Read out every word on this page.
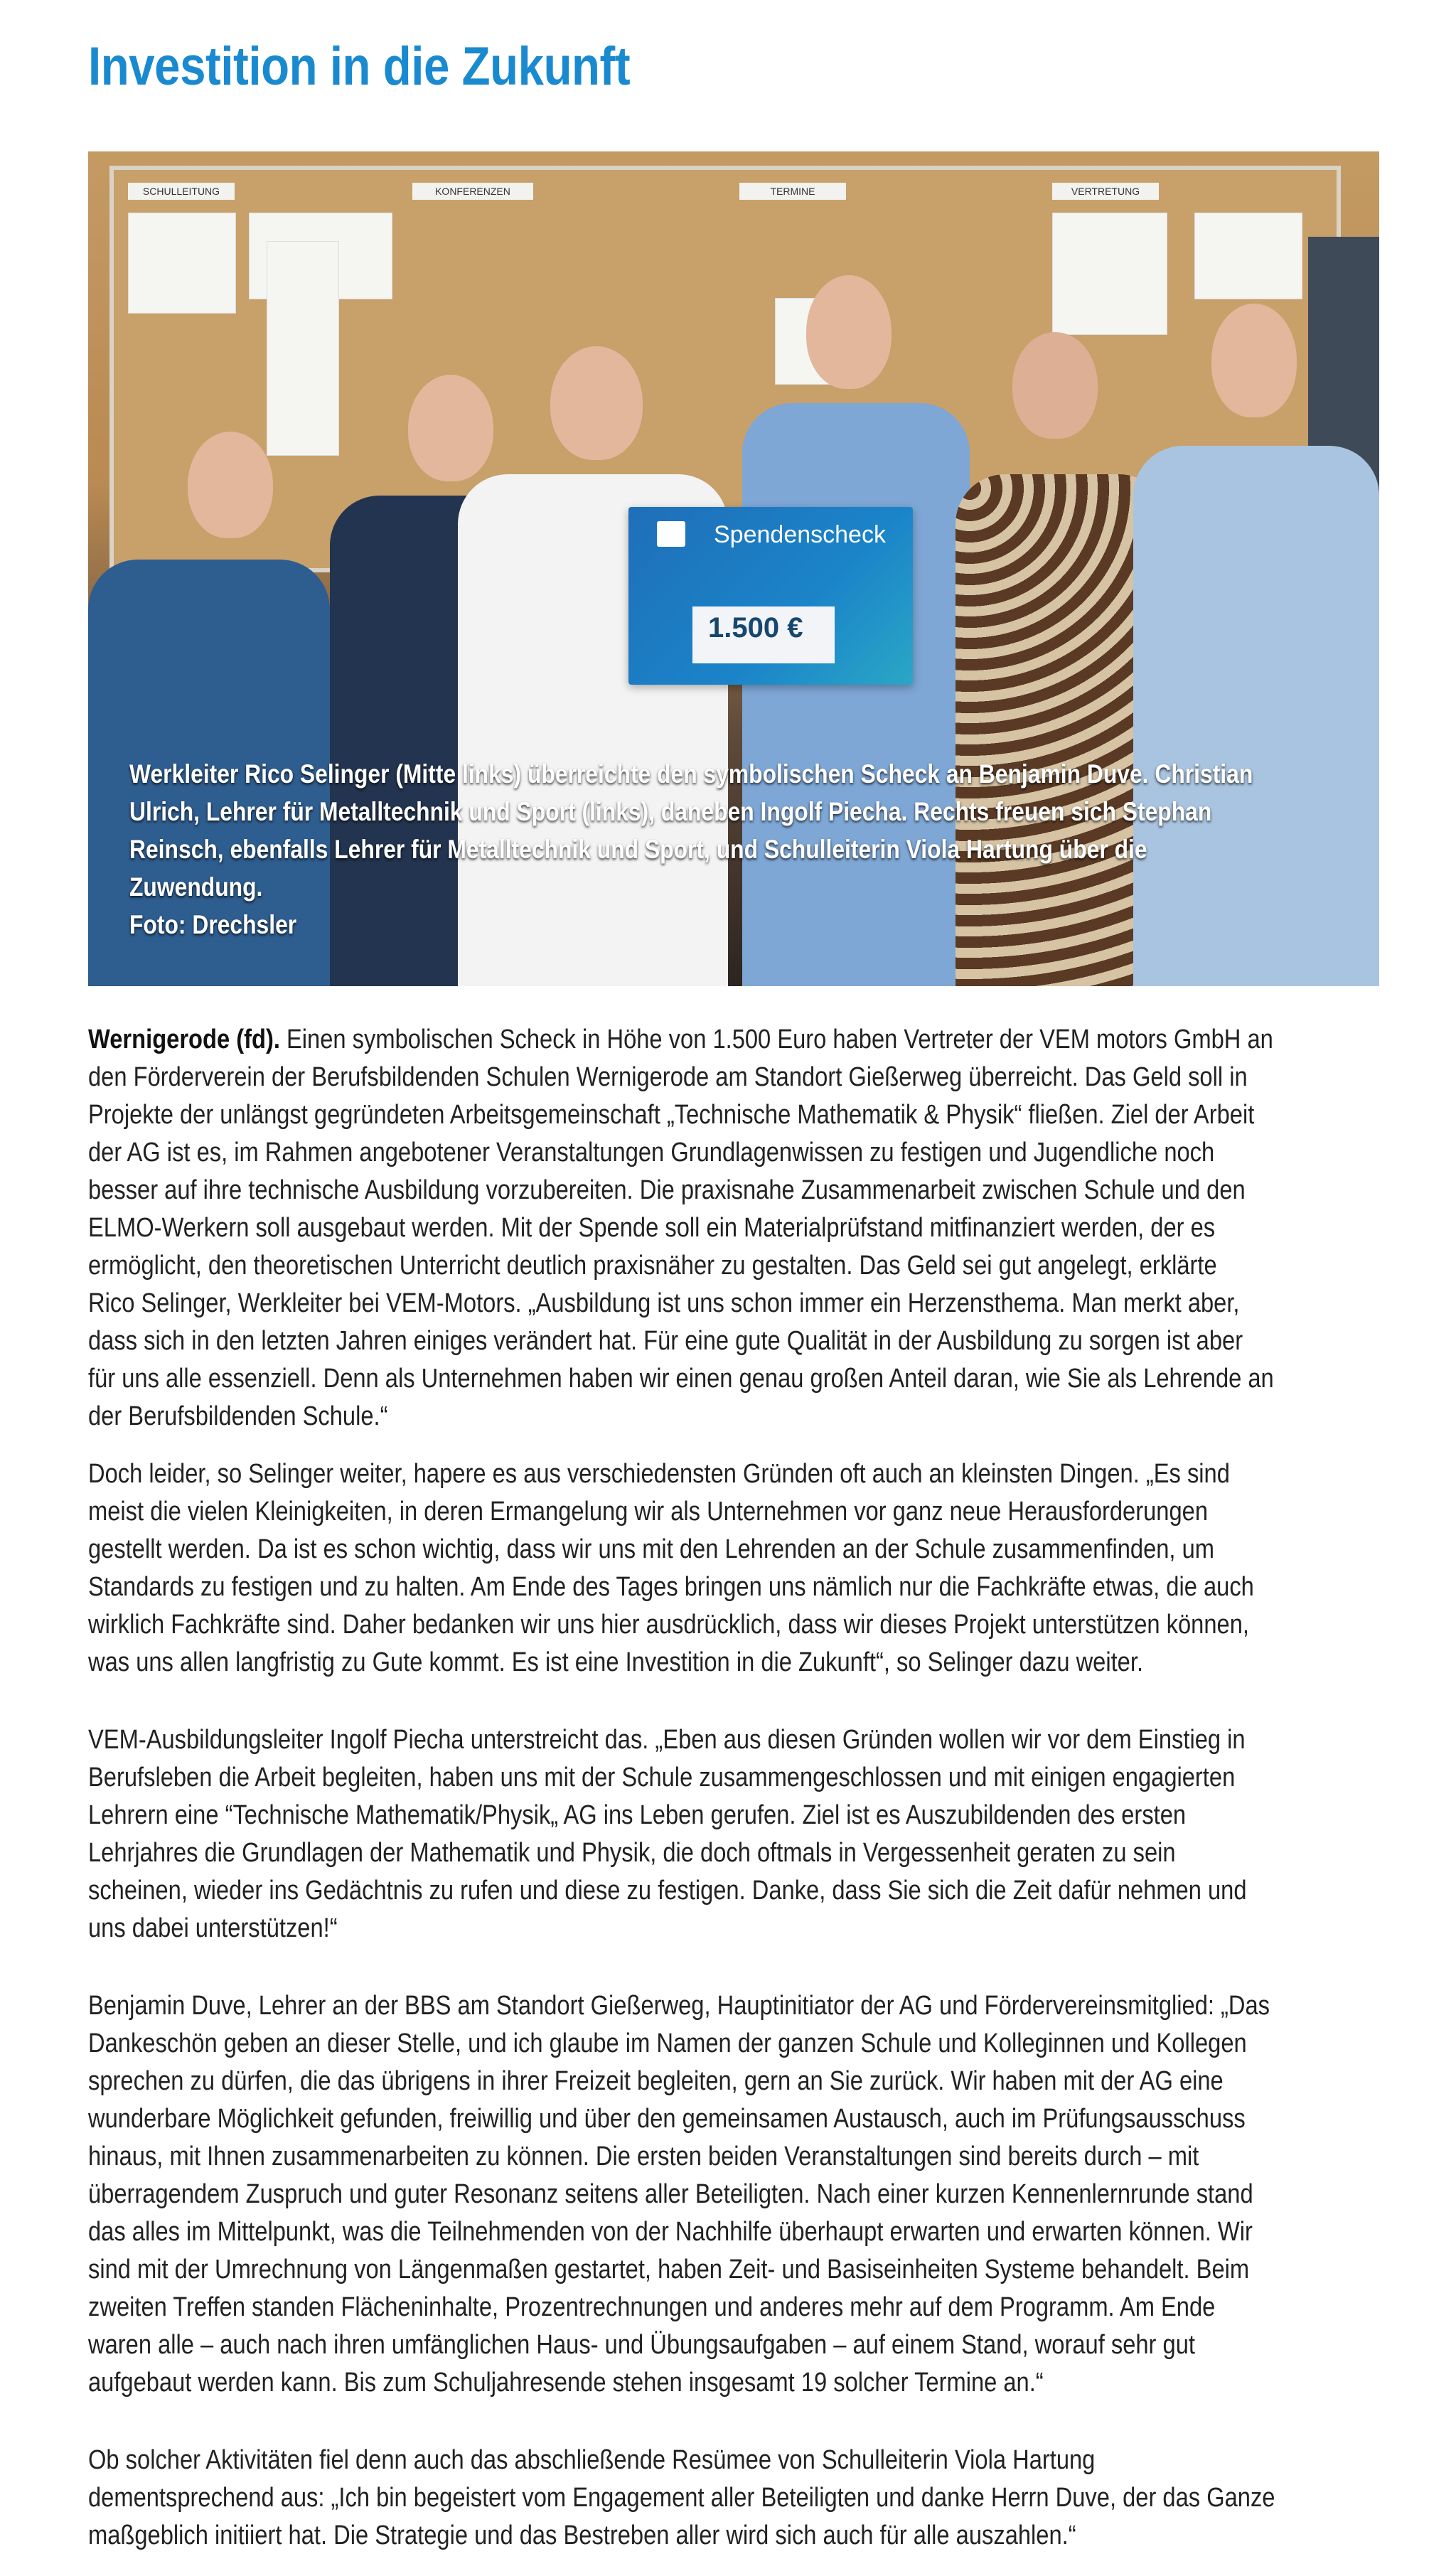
Investition in die Zukunft
SCHULLEITUNG	KONFERENZEN	TERMINE	VERTRETUNG
Spendenscheck
1.500 €
Werkleiter Rico Selinger (Mitte links) überreichte den symbolischen Scheck an Benjamin Duve. Christian
Ulrich, Lehrer für Metalltechnik und Sport (links), daneben Ingolf Piecha. Rechts freuen sich Stephan
Reinsch, ebenfalls Lehrer für Metalltechnik und Sport, und Schulleiterin Viola Hartung über die
Zuwendung.
Foto: Drechsler
Wernigerode (fd). Einen symbolischen Scheck in Höhe von 1.500 Euro haben Vertreter der VEM motors GmbH an
den Förderverein der Berufsbildenden Schulen Wernigerode am Standort Gießerweg überreicht. Das Geld soll in
Projekte der unlängst gegründeten Arbeitsgemeinschaft „Technische Mathematik & Physik“ fließen. Ziel der Arbeit
der AG ist es, im Rahmen angebotener Veranstaltungen Grundlagenwissen zu festigen und Jugendliche noch
besser auf ihre technische Ausbildung vorzubereiten. Die praxisnahe Zusammenarbeit zwischen Schule und den
ELMO-Werkern soll ausgebaut werden. Mit der Spende soll ein Materialprüfstand mitfinanziert werden, der es
ermöglicht, den theoretischen Unterricht deutlich praxisnäher zu gestalten. Das Geld sei gut angelegt, erklärte
Rico Selinger, Werkleiter bei VEM-Motors. „Ausbildung ist uns schon immer ein Herzensthema. Man merkt aber,
dass sich in den letzten Jahren einiges verändert hat. Für eine gute Qualität in der Ausbildung zu sorgen ist aber
für uns alle essenziell. Denn als Unternehmen haben wir einen genau großen Anteil daran, wie Sie als Lehrende an
der Berufsbildenden Schule.“
Doch leider, so Selinger weiter, hapere es aus verschiedensten Gründen oft auch an kleinsten Dingen. „Es sind
meist die vielen Kleinigkeiten, in deren Ermangelung wir als Unternehmen vor ganz neue Herausforderungen
gestellt werden. Da ist es schon wichtig, dass wir uns mit den Lehrenden an der Schule zusammenfinden, um
Standards zu festigen und zu halten. Am Ende des Tages bringen uns nämlich nur die Fachkräfte etwas, die auch
wirklich Fachkräfte sind. Daher bedanken wir uns hier ausdrücklich, dass wir dieses Projekt unterstützen können,
was uns allen langfristig zu Gute kommt. Es ist eine Investition in die Zukunft“, so Selinger dazu weiter.
VEM-Ausbildungsleiter Ingolf Piecha unterstreicht das. „Eben aus diesen Gründen wollen wir vor dem Einstieg in
Berufsleben die Arbeit begleiten, haben uns mit der Schule zusammengeschlossen und mit einigen engagierten
Lehrern eine “Technische Mathematik/Physik„ AG ins Leben gerufen. Ziel ist es Auszubildenden des ersten
Lehrjahres die Grundlagen der Mathematik und Physik, die doch oftmals in Vergessenheit geraten zu sein
scheinen, wieder ins Gedächtnis zu rufen und diese zu festigen. Danke, dass Sie sich die Zeit dafür nehmen und
uns dabei unterstützen!“
Benjamin Duve, Lehrer an der BBS am Standort Gießerweg, Hauptinitiator der AG und Fördervereinsmitglied: „Das
Dankeschön geben an dieser Stelle, und ich glaube im Namen der ganzen Schule und Kolleginnen und Kollegen
sprechen zu dürfen, die das übrigens in ihrer Freizeit begleiten, gern an Sie zurück. Wir haben mit der AG eine
wunderbare Möglichkeit gefunden, freiwillig und über den gemeinsamen Austausch, auch im Prüfungsausschuss
hinaus, mit Ihnen zusammenarbeiten zu können. Die ersten beiden Veranstaltungen sind bereits durch – mit
überragendem Zuspruch und guter Resonanz seitens aller Beteiligten. Nach einer kurzen Kennenlernrunde stand
das alles im Mittelpunkt, was die Teilnehmenden von der Nachhilfe überhaupt erwarten und erwarten können. Wir
sind mit der Umrechnung von Längenmaßen gestartet, haben Zeit- und Basiseinheiten Systeme behandelt. Beim
zweiten Treffen standen Flächeninhalte, Prozentrechnungen und anderes mehr auf dem Programm. Am Ende
waren alle – auch nach ihren umfänglichen Haus- und Übungsaufgaben – auf einem Stand, worauf sehr gut
aufgebaut werden kann. Bis zum Schuljahresende stehen insgesamt 19 solcher Termine an.“
Ob solcher Aktivitäten fiel denn auch das abschließende Resümee von Schulleiterin Viola Hartung
dementsprechend aus: „Ich bin begeistert vom Engagement aller Beteiligten und danke Herrn Duve, der das Ganze
maßgeblich initiiert hat. Die Strategie und das Bestreben aller wird sich auch für alle auszahlen.“
